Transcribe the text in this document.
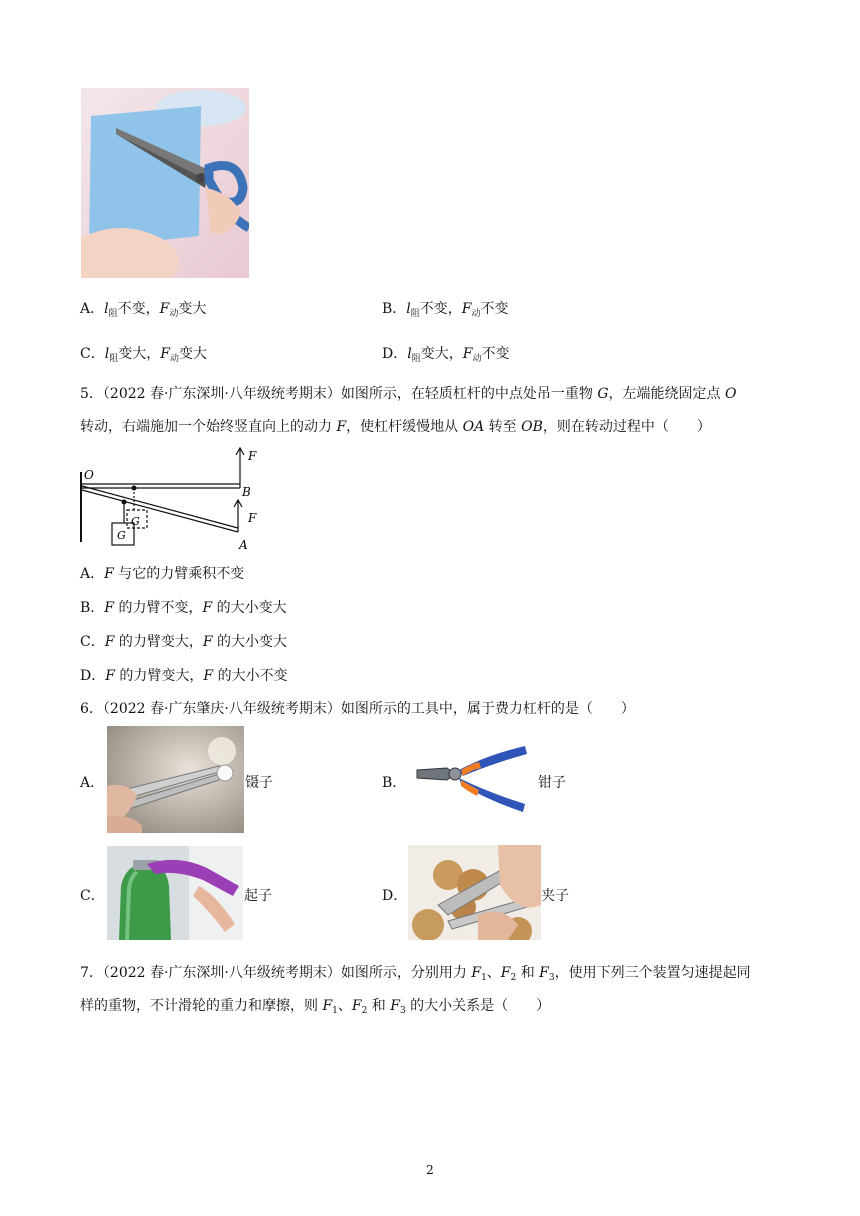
A．$l_阻$不变，$F_动$变大	B．$l_阻$不变，$F_动$不变
C．$l_阻$变大，$F_动$变大	D．$l_阻$变大，$F_动$不变
5．（2022 春·广东深圳·八年级统考期末）如图所示，在轻质杠杆的中点处吊一重物 G，左端能绕固定点 O
转动，右端施加一个始终竖直向上的动力 F，使杠杆缓慢地从 OA 转至 OB，则在转动过程中（　　）
O
B
A
F
F
G
G
A．F 与它的力臂乘积不变
B．F 的力臂不变，F 的大小变大
C．F 的力臂变大，F 的大小变大
D．F 的力臂变大，F 的大小不变
6．（2022 春·广东肇庆·八年级统考期末）如图所示的工具中，属于费力杠杆的是（　　）
A．	镊子	B．	钳子
C．	起子	D．	夹子
7．（2022 春·广东深圳·八年级统考期末）如图所示，分别用力 $F_1$、$F_2$ 和 $F_3$，使用下列三个装置匀速提起同
样的重物，不计滑轮的重力和摩擦，则 $F_1$、$F_2$ 和 $F_3$ 的大小关系是（　　）
2
